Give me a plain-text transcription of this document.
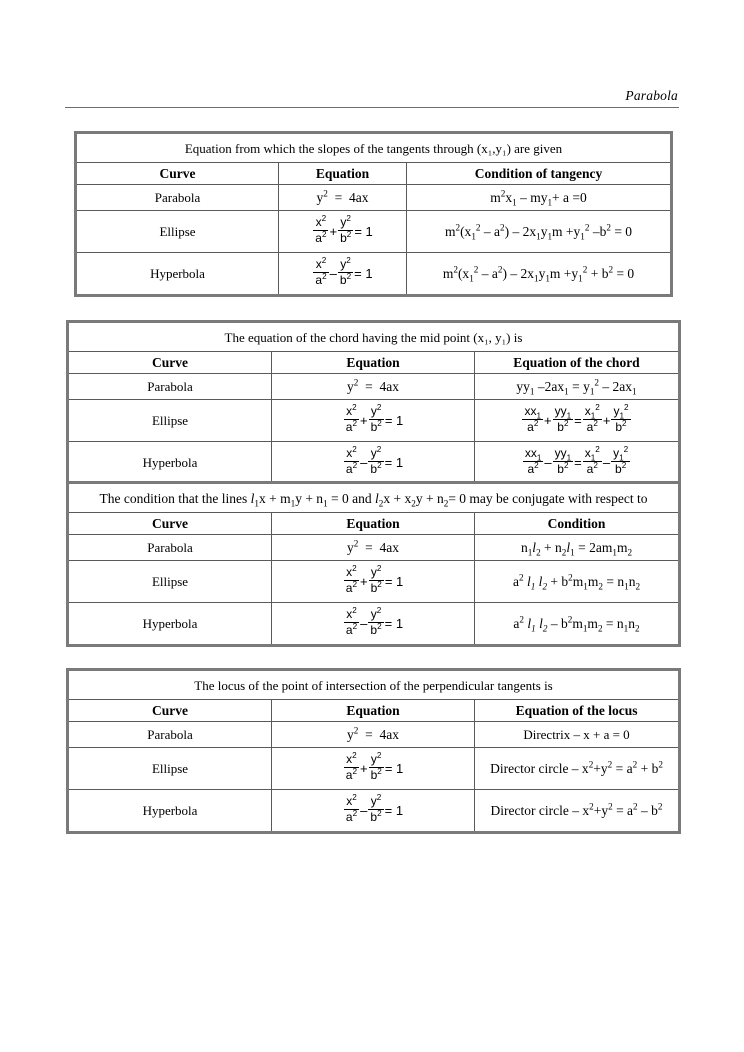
Parabola
Equation from which the slopes of the tangents through (x₁,y₁) are given		
Curve	Equation	Condition of tangency
Parabola	$y^2 = 4ax$	$m^2x_1 - my_1+ a =0$
Ellipse	$\frac{x^2}{a^2} + \frac{y^2}{b^2} = 1$	$m^2(x_1^2 - a^2) - 2x_1y_1m +y_1^2$ $-b^2 = 0$
Hyperbola	$\frac{x^2}{a^2} - \frac{y^2}{b^2} = 1$	$m^2(x_1^2 - a^2) - 2x_1y_1m +y_1^2 + b^2 = 0$
The equation of the chord having the mid point (x₁, y₁) is		
Curve	Equation	Equation of the chord
Parabola	$y^2 = 4ax$	$yy_1$ $-2ax_1 = y_1^2 - 2ax_1$
Ellipse	$\frac{x^2}{a^2} + \frac{y^2}{b^2} = 1$	$\frac{xx_1}{a^2} + \frac{yy_1}{b^2} = \frac{x_1^2}{a^2} + \frac{y_1^2}{b^2}$

Hyperbola	$\frac{x^2}{a^2} - \frac{y^2}{b^2} = 1$	$\frac{xx_1}{a^2} - \frac{yy_1}{b^2} = \frac{x_1^2}{a^2} - \frac{y_1^2}{b^2}$
The condition that the lines $l_1x + m_1y + n_1 = 0$ and $l_2x + x_2y + n_2= 0$ may be conjugate with respect to		
Curve	Equation	Condition
Parabola	$y^2 = 4ax$	$n_1l_2 + n_2l_1 = 2am_1m_2$
Ellipse	$\frac{x^2}{a^2} + \frac{y^2}{b^2} = 1$	$a^2$ $l_1$ $l_2 + b^2m_1m_2 = n_1n_2$
Hyperbola	$\frac{x^2}{a^2} - \frac{y^2}{b^2} = 1$	$a^2$ $l_1$ $l_2 - b^2m_1m_2 = n_1n_2$
The locus of the point of intersection of the perpendicular tangents is		
Curve	Equation	Equation of the locus
Parabola	$y^2 = 4ax$	Directrix – x + a = 0
Ellipse	$\frac{x^2}{a^2} + \frac{y^2}{b^2} = 1$	Director circle – $x^2+y^2 = a^2 + b^2$
Hyperbola	$\frac{x^2}{a^2} - \frac{y^2}{b^2} = 1$	Director circle – $x^2+y^2 = a^2 - b^2$
